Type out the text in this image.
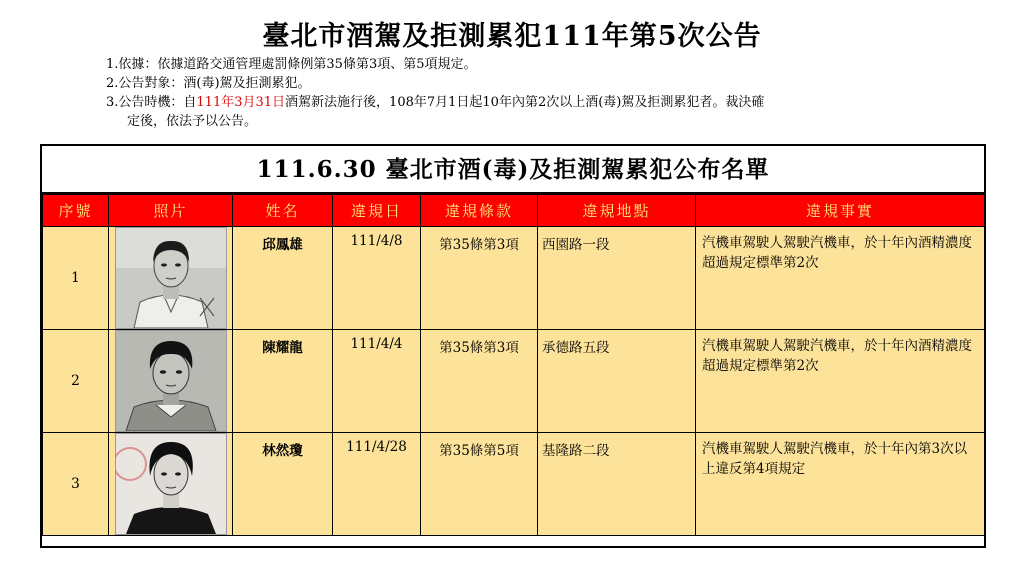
臺北市酒駕及拒測累犯111年第5次公告
1.依據：依據道路交通管理處罰條例第35條第3項、第5項規定。
2.公告對象：酒(毒)駕及拒測累犯。
3.公告時機：自111年3月31日酒駕新法施行後，108年7月1日起10年內第2次以上酒(毒)駕及拒測累犯者。裁決確
定後，依法予以公告。
111.6.30 臺北市酒(毒)及拒測駕累犯公布名單
序號	照片	姓名	違規日	違規條款	違規地點	違規事實
1		邱鳳雄	111/4/8	第35條第3項	西園路一段	汽機車駕駛人駕駛汽機車，於十年內酒精濃度超過規定標準第2次
2		陳耀龍	111/4/4	第35條第3項	承德路五段	汽機車駕駛人駕駛汽機車，於十年內酒精濃度超過規定標準第2次
3		林然瓊	111/4/28	第35條第5項	基隆路二段	汽機車駕駛人駕駛汽機車，於十年內第3次以上違反第4項規定
